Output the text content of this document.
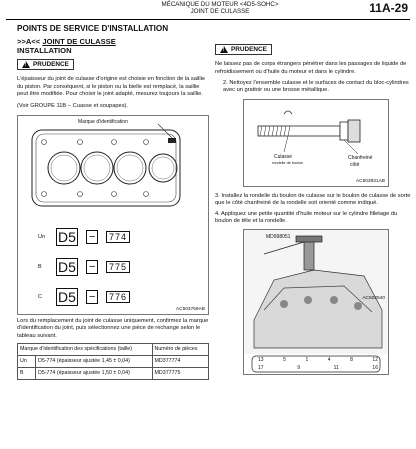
MÉCANIQUE DU MOTEUR <4D5-SOHC>
JOINT DE CULASSE	11A-29
POINTS DE SERVICE D'INSTALLATION
>>A<< JOINT DE CULASSE
INSTALLATION
!
PRUDENCE
L'épaisseur du joint de culasse d'origine est choisie en fonction de la saillie du piston. Par conséquent, si le piston ou la bielle est remplacé, la saillie peut être modifiée. Pour choisir le joint adapté, mesurez toujours la saillie.
(Voir GROUPE 11B − Cuasse et soupapes).
Marque d'identification
Un D5 −	774
B D5 −	775
C D5 −	776
AC503769AB
Lors du remplacement du joint de culasse uniquement, confirmez la marque d'identification du joint, puis sélectionnez une pièce de rechange selon le tableau suivant.
Marque d'identification des spécifications (taille)		Numéro de pièces
Un	D5-774 (épaisseur ajustée 1,45 ± 0,04)	MD377774
B	D5-774 (épaisseur ajustée 1,50 ± 0,04)	MD377775
!
PRUDENCE
Ne laissez pas de corps étrangers pénétrer dans les passages de liquide de refroidissement ou d'huile du moteur et dans le cylindre.
2. Nettoyez l'ensemble culasse et le surfaces de contact du bloc-cylindres avec un grattoir ou une brosse métallique.
Culasse
rondelle de boulon
Chanfreiné
côté
AC503931AB
3. Installez la rondelle du boulon de culasse sur le boulon de culasse de sorte que le côté chanfreiné de la rondelle soit orienté comme indiqué.
4. Appliquez une petite quantité d'huile moteur sur le cylindre filletage du boulon de tête et la rondelle.
MD998051
AC502540
13	5	1	4	8	12
17	9	11	16
